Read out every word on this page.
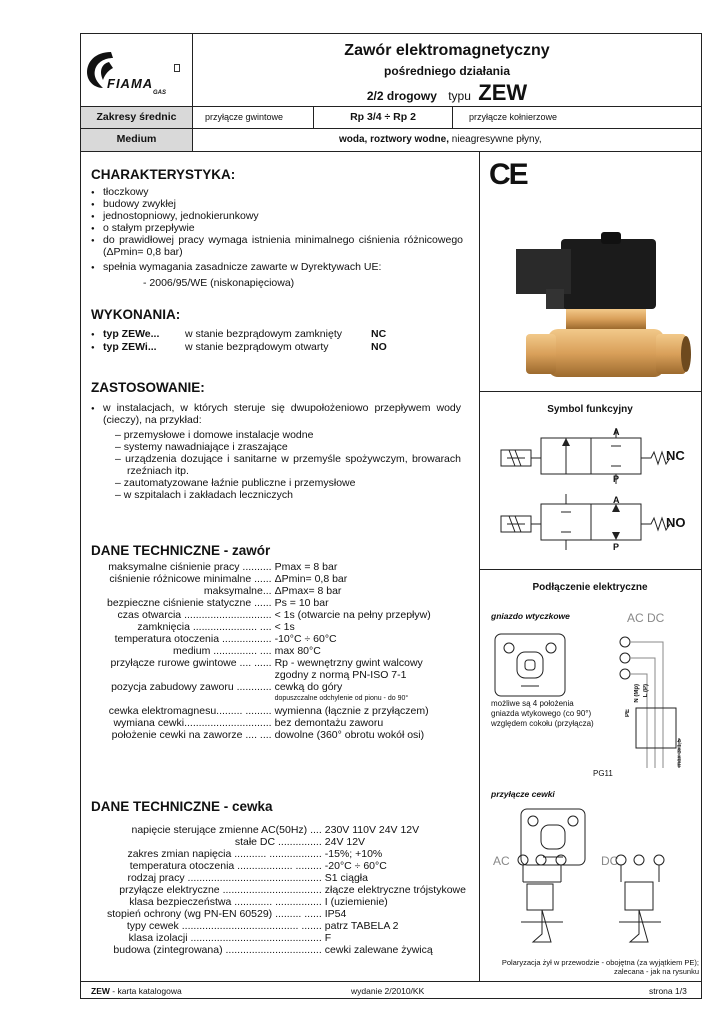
FIAMA
GAS
Zawór elektromagnetyczny
pośredniego działania
2/2 drogowy typu ZEW
Zakresy średnic	przyłącze gwintowe	Rp 3/4 ÷ Rp 2	przyłącze kołnierzowe
Medium	woda, roztwory wodne, nieagresywne płyny,
CHARAKTERYSTYKA:
● tłoczkowy
● budowy zwykłej
● jednostopniowy, jednokierunkowy
● o stałym przepływie
● do prawidłowej pracy wymaga istnienia minimalnego ciśnienia różnicowego (ΔPmin= 0,8 bar)
● spełnia wymagania zasadnicze zawarte w Dyrektywach UE:
- 2006/95/WE (niskonapięciowa)
WYKONANIA:
● typ ZEWe... w stanie bezprądowym zamknięty	NC
● typ ZEWi...	w stanie bezprądowym otwarty	NO
ZASTOSOWANIE:
● w instalacjach, w których steruje się dwupołożeniowo przepływem wody (cieczy), na przykład:
– przemysłowe i domowe instalacje wodne
– systemy nawadniające i zraszające
– urządzenia dozujące i sanitarne w przemyśle spożywczym, browarach rzeźniach itp.
– zautomatyzowane łaźnie publiczne i przemysłowe
– w szpitalach i zakładach leczniczych
DANE TECHNICZNE - zawór
maksymalne ciśnienie pracy ..........	Pmax = 8 bar
ciśnienie różnicowe minimalne ......	ΔPmin= 0,8 bar
maksymalne...	ΔPmax= 8 bar
bezpieczne ciśnienie statyczne ......	Ps = 10 bar
czas otwarcia ..............................	< 1s (otwarcie na pełny przepływ)
zamknięcia ...................... ....	< 1s
temperatura otoczenia .................	-10°C ÷ 60°C
medium ............... ....	max 80°C
przyłącze rurowe gwintowe .... ......	Rp - wewnętrzny gwint walcowy
	zgodny z normą PN-ISO 7-1
pozycja zabudowy zaworu ............	cewką do góry
	dopuszczalne odchylenie od pionu - do 90°
cewka elektromagnesu......... .........	wymienna (łącznie z przyłączem)
wymiana cewki..............................	bez demontażu zaworu
położenie cewki na zaworze .... ....	dowolne (360° obrotu wokół osi)
DANE TECHNICZNE - cewka
napięcie sterujące zmienne AC(50Hz) ....	230V 110V 24V 12V
stałe DC ...............	24V 12V
zakres zmian napięcia ........... ..................	-15%; +10%
temperatura otoczenia ................... .........	-20°C ÷ 60°C
rodzaj pracy ..............................................	S1 ciągła
przyłącze elektryczne ..................................	złącze elektryczne trójstykowe
klasa bezpieczeństwa ............. ................	I (uziemienie)
stopień ochrony (wg PN-EN 60529) ......... ......	IP54
typy cewek ........................................ .......	patrz TABELA 2
klasa izolacji .............................................	F
budowa (zintegrowana) .................................	cewki zalewane żywicą
CE
Symbol funkcyjny
A
P
NC
A
P
NO
Podłączenie elektryczne
gniazdo wtyczkowe	AC DC
możliwe są 4 położenia gniazda wtykowego (co 90°) względem cokołu (przyłącza)
PE
N (Mp) L (P)
PG11
max 3x1,5
przyłącze cewki
AC	DC
Polaryzacja żył w przewodzie - obojętna (za wyjątkiem PE); zalecana - jak na rysunku
ZEW - karta katalogowa	wydanie 2/2010/KK	strona 1/3
